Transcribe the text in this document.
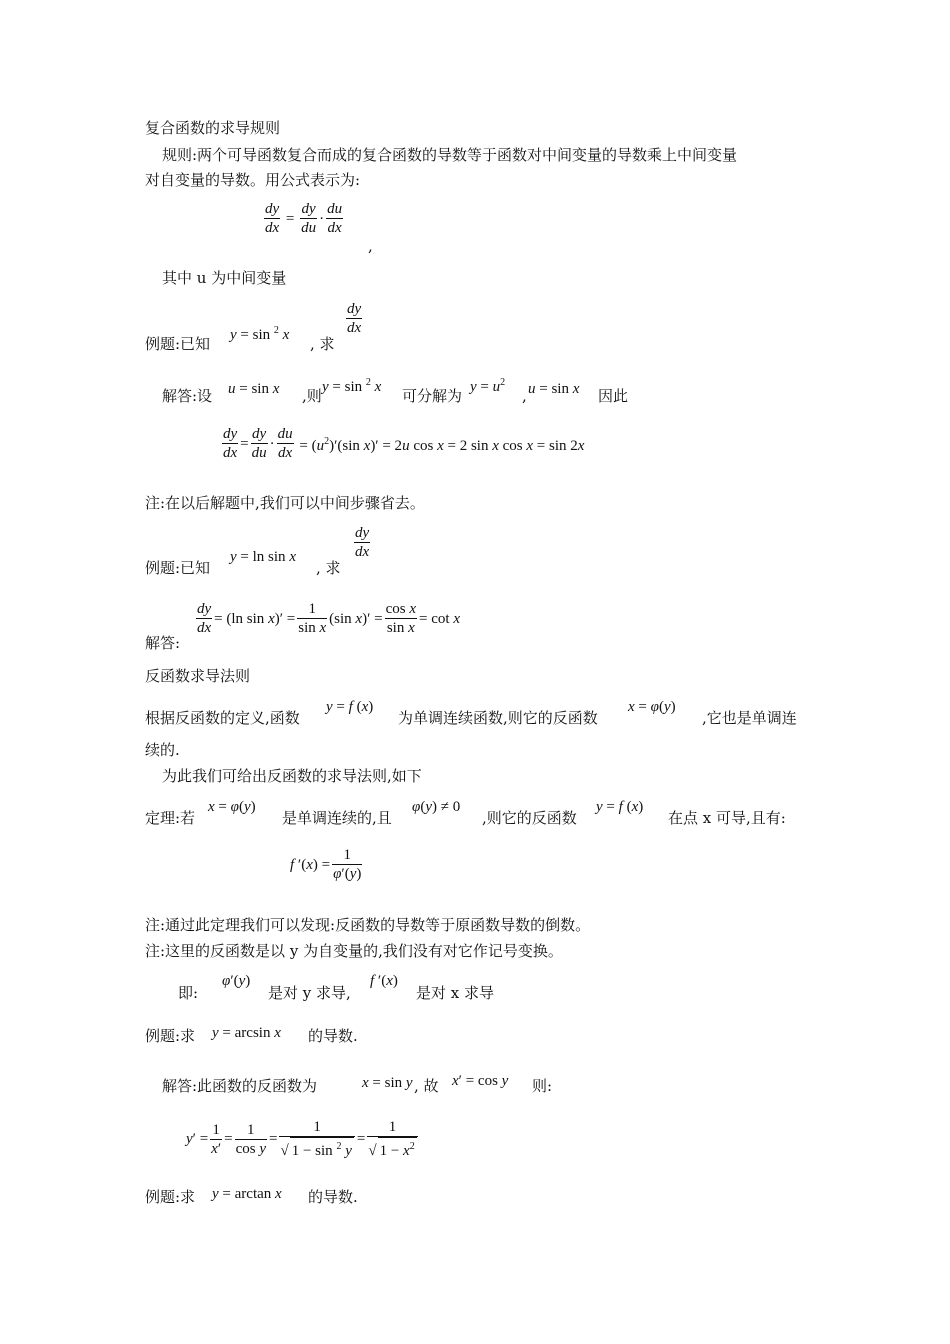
复合函数的求导规则
规则:两个可导函数复合而成的复合函数的导数等于函数对中间变量的导数乘上中间变量
对自变量的导数。用公式表示为:
$\frac{dy}{dx} = \frac{dy}{du} \cdot \frac{du}{dx}$
,
其中 u 为中间变量
例题:已知 y = sin $^2$ x , 求
$\frac{dy}{dx}$
解答:设 u = sin x ,则 y = sin $^2$ x 可分解为 $y = u^2$
, u = sin x 因此
$\frac{dy}{dx} = \frac{dy}{du} \cdot \frac{du}{dx} = (u^2)'(\sin$ x)′ = 2u cos x = 2 sin x cos x = sin 2x
注:在以后解题中,我们可以中间步骤省去。
例题:已知
y = ln sin x
, 求
$\frac{dy}{dx}$
解答:
$\frac{dy}{dx} = (\ln$ $\sin x)' = \frac{1}{\text{sin x}} (\sin$ $x)' = \frac{\text{cos x}}{\text{sin x}} = \cot x$
反函数求导法则
根据反函数的定义,函数
y = f (x)
为单调连续函数,则它的反函数
x = φ(y)
,它也是单调连
续的.
为此我们可给出反函数的求导法则,如下
定理:若
x = φ(y)
是单调连续的,且
φ(y) ≠ 0
,则它的反函数
y = f (x)
在点 x 可导,且有:
f $'(x) = \frac{1}{\varphi'(y)}$
注:通过此定理我们可以发现:反函数的导数等于原函数导数的倒数。
注:这里的反函数是以 y 为自变量的,我们没有对它作记号变换。
即:
φ′(y)
是对 y 求导,
f ′(x)
是对 x 求导
例题:求 y = arcsin x 的导数.
解答:此函数的反函数为	x = sin y , 故 x′ = cos y 则:
$y' = \frac{1}{x'} = \frac{1}{\text{cos y}} = \frac{1}{√ 1 - \sin ^2 y} = \frac{1}{√ 1 - x^2}$
例题:求 y = arctan x 的导数.
